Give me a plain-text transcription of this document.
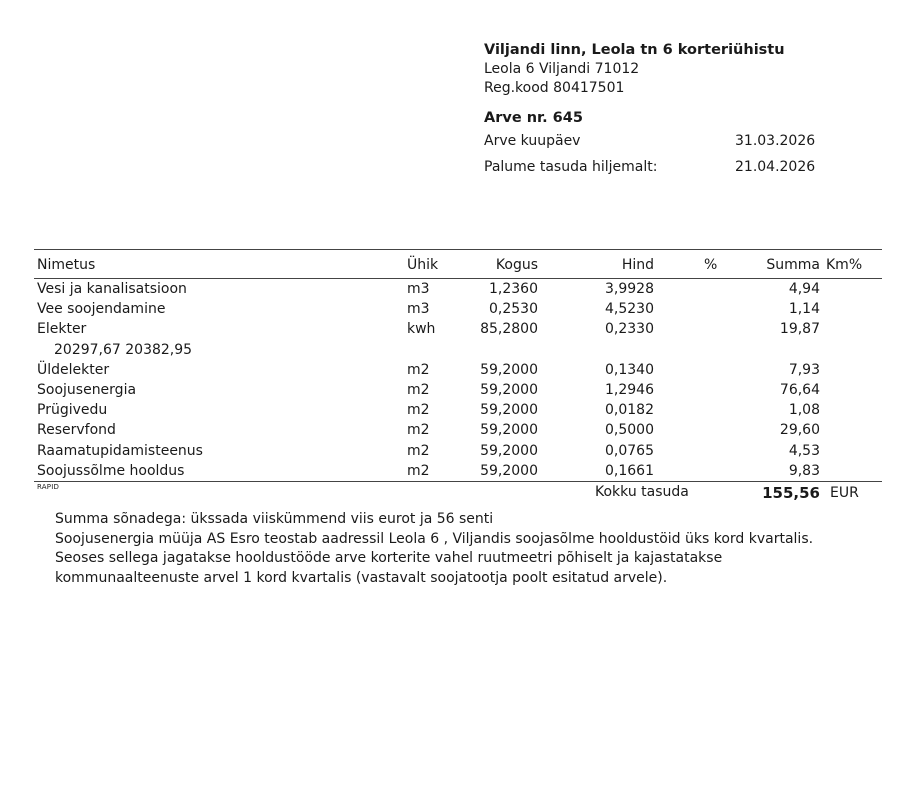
Viljandi linn, Leola tn 6 korteriühistu
Leola 6 Viljandi 71012
Reg.kood 80417501
Arve nr. 645
Arve kuupäev	31.03.2026
Palume tasuda hiljemalt:	21.04.2026
Nimetus	Ühik	Kogus	Hind	%	Summa Km%
Vesi ja kanalisatsioon	m3	1,2360	3,9928	4,94
Vee soojendamine	m3	0,2530	4,5230	1,14
Elekter	kwh	85,2800	0,2330	19,87
20297,67 20382,95
Üldelekter	m2	59,2000	0,1340	7,93
Soojusenergia	m2	59,2000	1,2946	76,64
Prügivedu	m2	59,2000	0,0182	1,08
Reservfond	m2	59,2000	0,5000	29,60
Raamatupidamisteenus	m2	59,2000	0,0765	4,53
Soojussõlme hooldus	m2	59,2000	0,1661	9,83
RAPID	Kokku tasuda	155,56 EUR

Summa sõnadega: ükssada viiskümmend viis eurot ja 56 senti

Soojusenergia müüja AS Esro teostab aadressil Leola 6 , Viljandis soojasõlme hooldustöid üks kord kvartalis. Seoses sellega jagatakse hooldustööde arve korterite vahel ruutmeetri põhiselt ja kajastatakse kommunaalteenuste arvel 1 kord kvartalis (vastavalt soojatootja poolt esitatud arvele).
